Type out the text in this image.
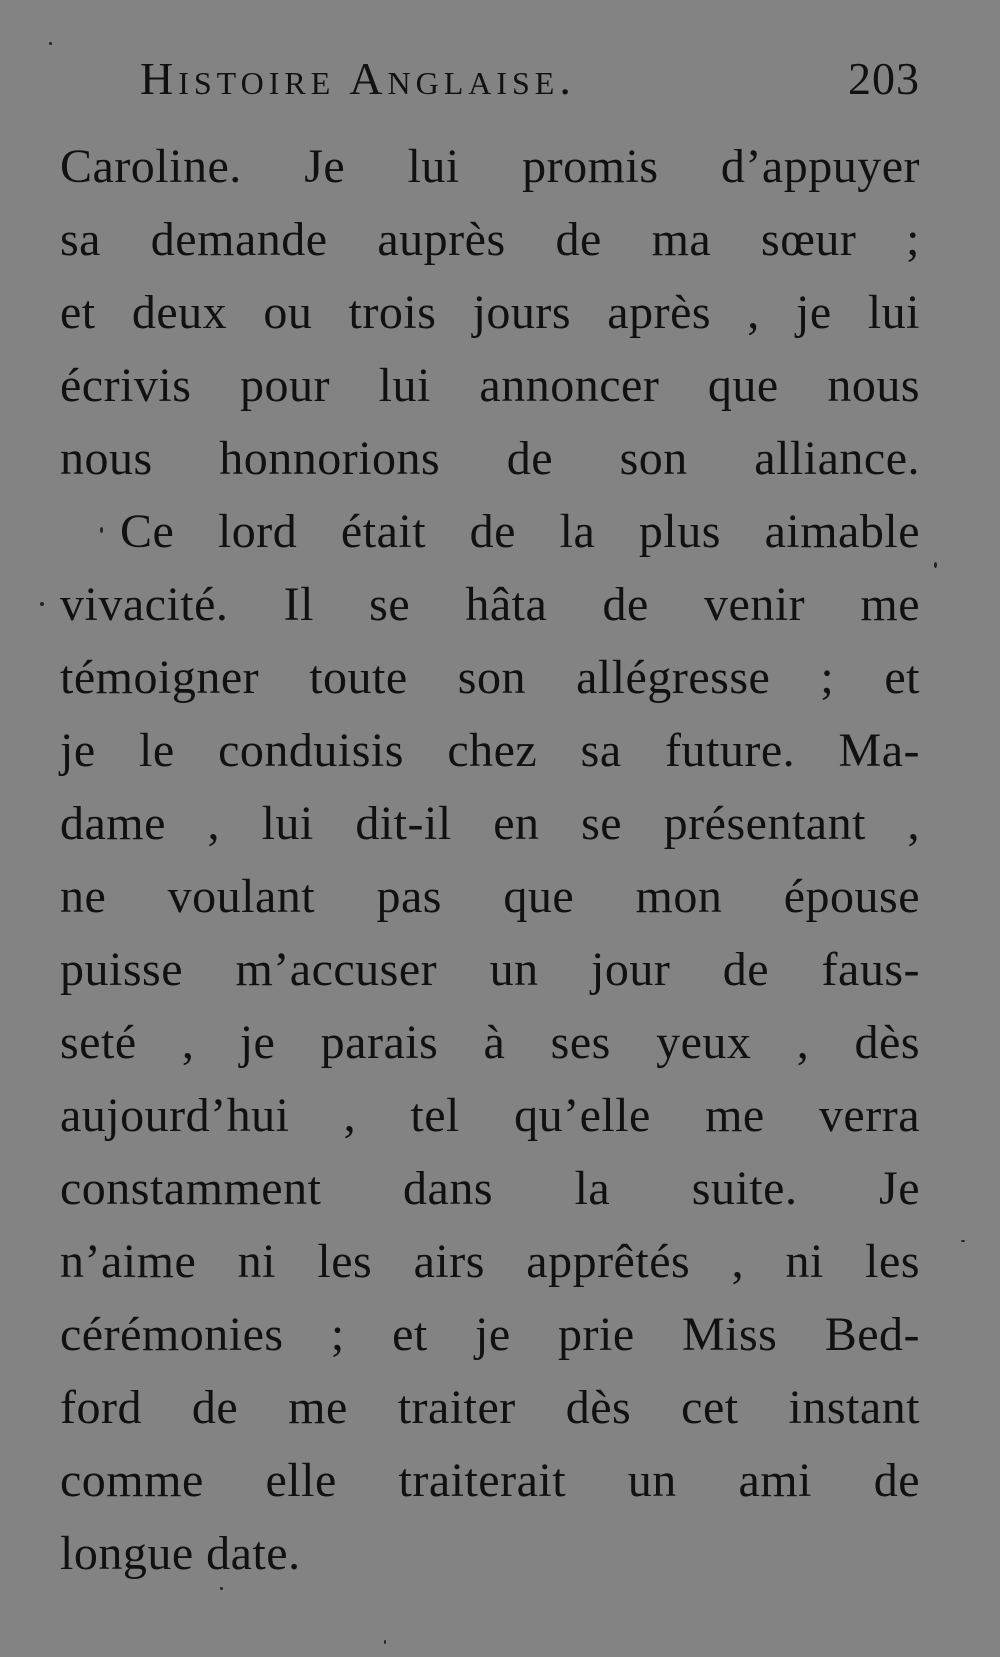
Histoire Anglaise.	203
Caroline. Je lui promis d’appuyer
sa demande auprès de ma sœur ;
et deux ou trois jours après , je lui
écrivis pour lui annoncer que nous
nous honnorions de son alliance.
Ce lord était de la plus aimable
vivacité. Il se hâta de venir me
témoigner toute son allégresse ; et
je le conduisis chez sa future. Ma-
dame , lui dit-il en se présentant ,
ne voulant pas que mon épouse
puisse m’accuser un jour de faus-
seté , je parais à ses yeux , dès
aujourd’hui , tel qu’elle me verra
constamment dans la suite. Je
n’aime ni les airs apprêtés , ni les
cérémonies ; et je prie Miss Bed-
ford de me traiter dès cet instant
comme elle traiterait un ami de
longue date.
